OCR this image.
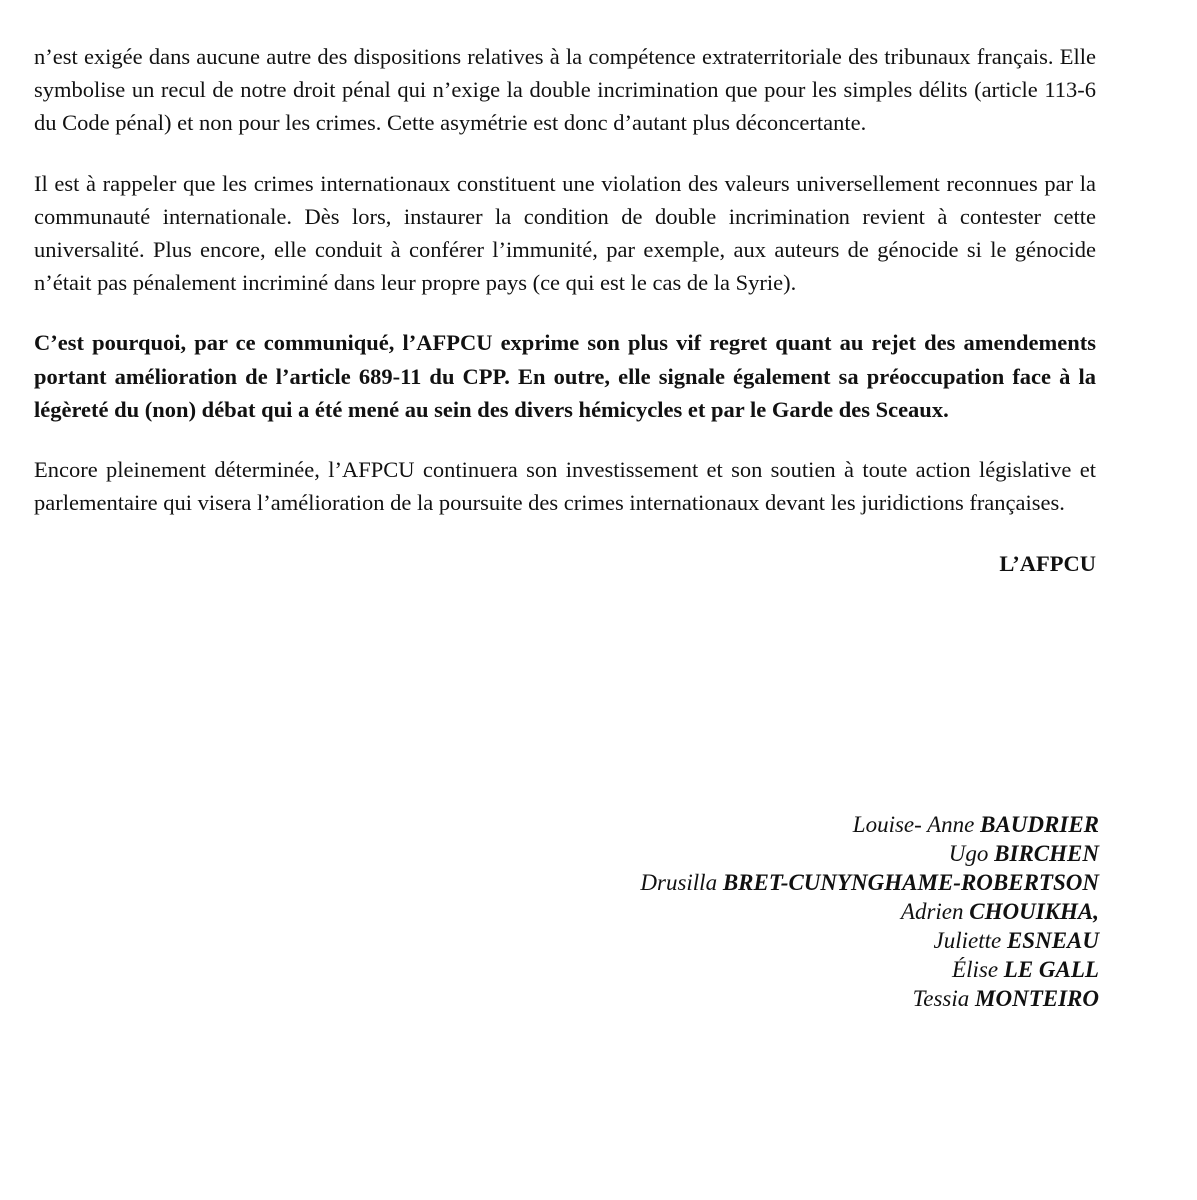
n’est exigée dans aucune autre des dispositions relatives à la compétence extraterritoriale des tribunaux français. Elle symbolise un recul de notre droit pénal qui n’exige la double incrimination que pour les simples délits (article 113-6 du Code pénal) et non pour les crimes. Cette asymétrie est donc d’autant plus déconcertante.

Il est à rappeler que les crimes internationaux constituent une violation des valeurs universellement reconnues par la communauté internationale. Dès lors, instaurer la condition de double incrimination revient à contester cette universalité. Plus encore, elle conduit à conférer l’immunité, par exemple, aux auteurs de génocide si le génocide n’était pas pénalement incriminé dans leur propre pays (ce qui est le cas de la Syrie).

C’est pourquoi, par ce communiqué, l’AFPCU exprime son plus vif regret quant au rejet des amendements portant amélioration de l’article 689-11 du CPP. En outre, elle signale également sa préoccupation face à la légèreté du (non) débat qui a été mené au sein des divers hémicycles et par le Garde des Sceaux.

Encore pleinement déterminée, l’AFPCU continuera son investissement et son soutien à toute action législative et parlementaire qui visera l’amélioration de la poursuite des crimes internationaux devant les juridictions françaises.

L’AFPCU
Louise- Anne BAUDRIER
Ugo BIRCHEN
Drusilla BRET-CUNYNGHAME-ROBERTSON
Adrien CHOUIKHA,
Juliette ESNEAU
Élise LE GALL
Tessia MONTEIRO
